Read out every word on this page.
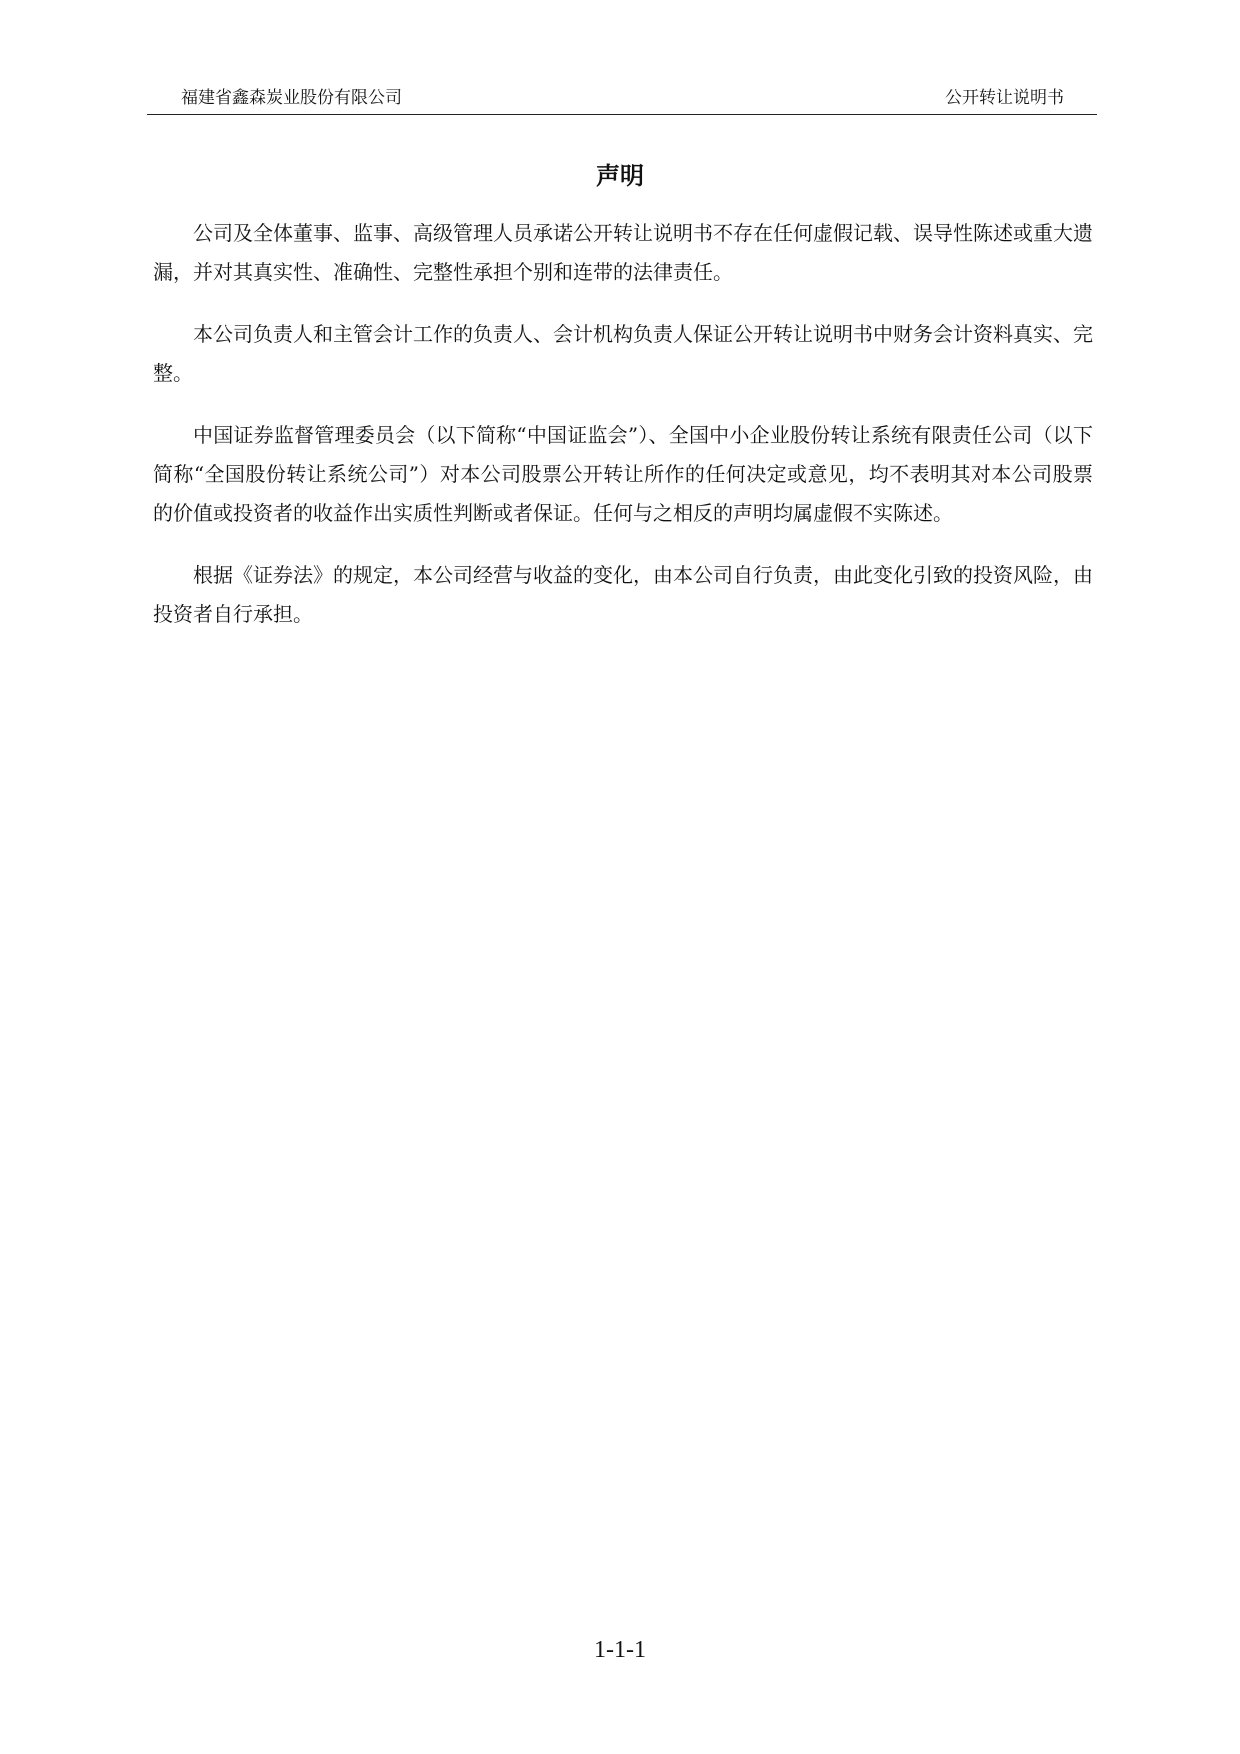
福建省鑫森炭业股份有限公司	公开转让说明书
声明

公司及全体董事、监事、高级管理人员承诺公开转让说明书不存在任何虚假记载、误导性陈述或重大遗漏，并对其真实性、准确性、完整性承担个别和连带的法律责任。

本公司负责人和主管会计工作的负责人、会计机构负责人保证公开转让说明书中财务会计资料真实、完整。

中国证券监督管理委员会（以下简称“中国证监会”）、全国中小企业股份转让系统有限责任公司（以下简称“全国股份转让系统公司”）对本公司股票公开转让所作的任何决定或意见，均不表明其对本公司股票的价值或投资者的收益作出实质性判断或者保证。任何与之相反的声明均属虚假不实陈述。

根据《证券法》的规定，本公司经营与收益的变化，由本公司自行负责，由此变化引致的投资风险，由投资者自行承担。

1-1-1
